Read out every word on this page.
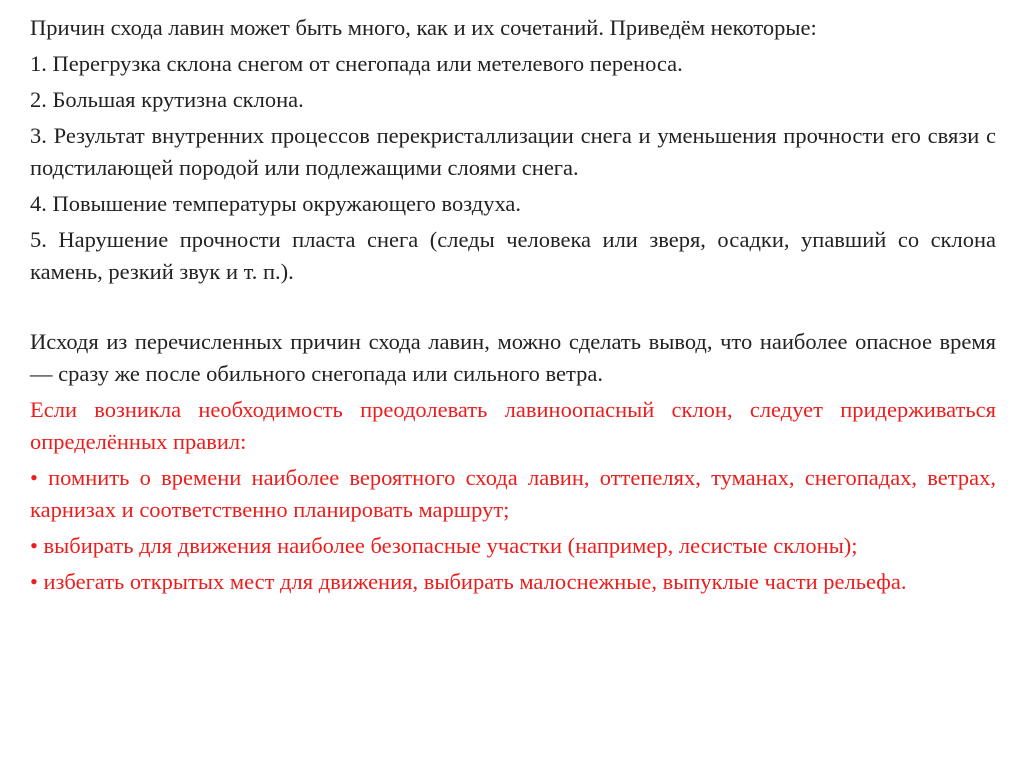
Причин схода лавин может быть много, как и их сочетаний. Приведём некоторые:

1. Перегрузка склона снегом от снегопада или метелевого переноса.

2. Большая крутизна склона.

3. Результат внутренних процессов перекристаллизации снега и уменьшения прочности его связи с подстилающей породой или подлежащими слоями снега.

4. Повышение температуры окружающего воздуха.

5. Нарушение прочности пласта снега (следы человека или зверя, осадки, упавший со склона камень, резкий звук и т. п.).

Исходя из перечисленных причин схода лавин, можно сделать вывод, что наиболее опасное время — сразу же после обильного снегопада или сильного ветра.

Если возникла необходимость преодолевать лавиноопасный склон, следует придерживаться определённых правил:

• помнить о времени наиболее вероятного схода лавин, оттепелях, туманах, снегопадах, ветрах, карнизах и соответственно планировать маршрут;

• выбирать для движения наиболее безопасные участки (например, лесистые склоны);

• избегать открытых мест для движения, выбирать малоснежные, выпуклые части рельефа.
